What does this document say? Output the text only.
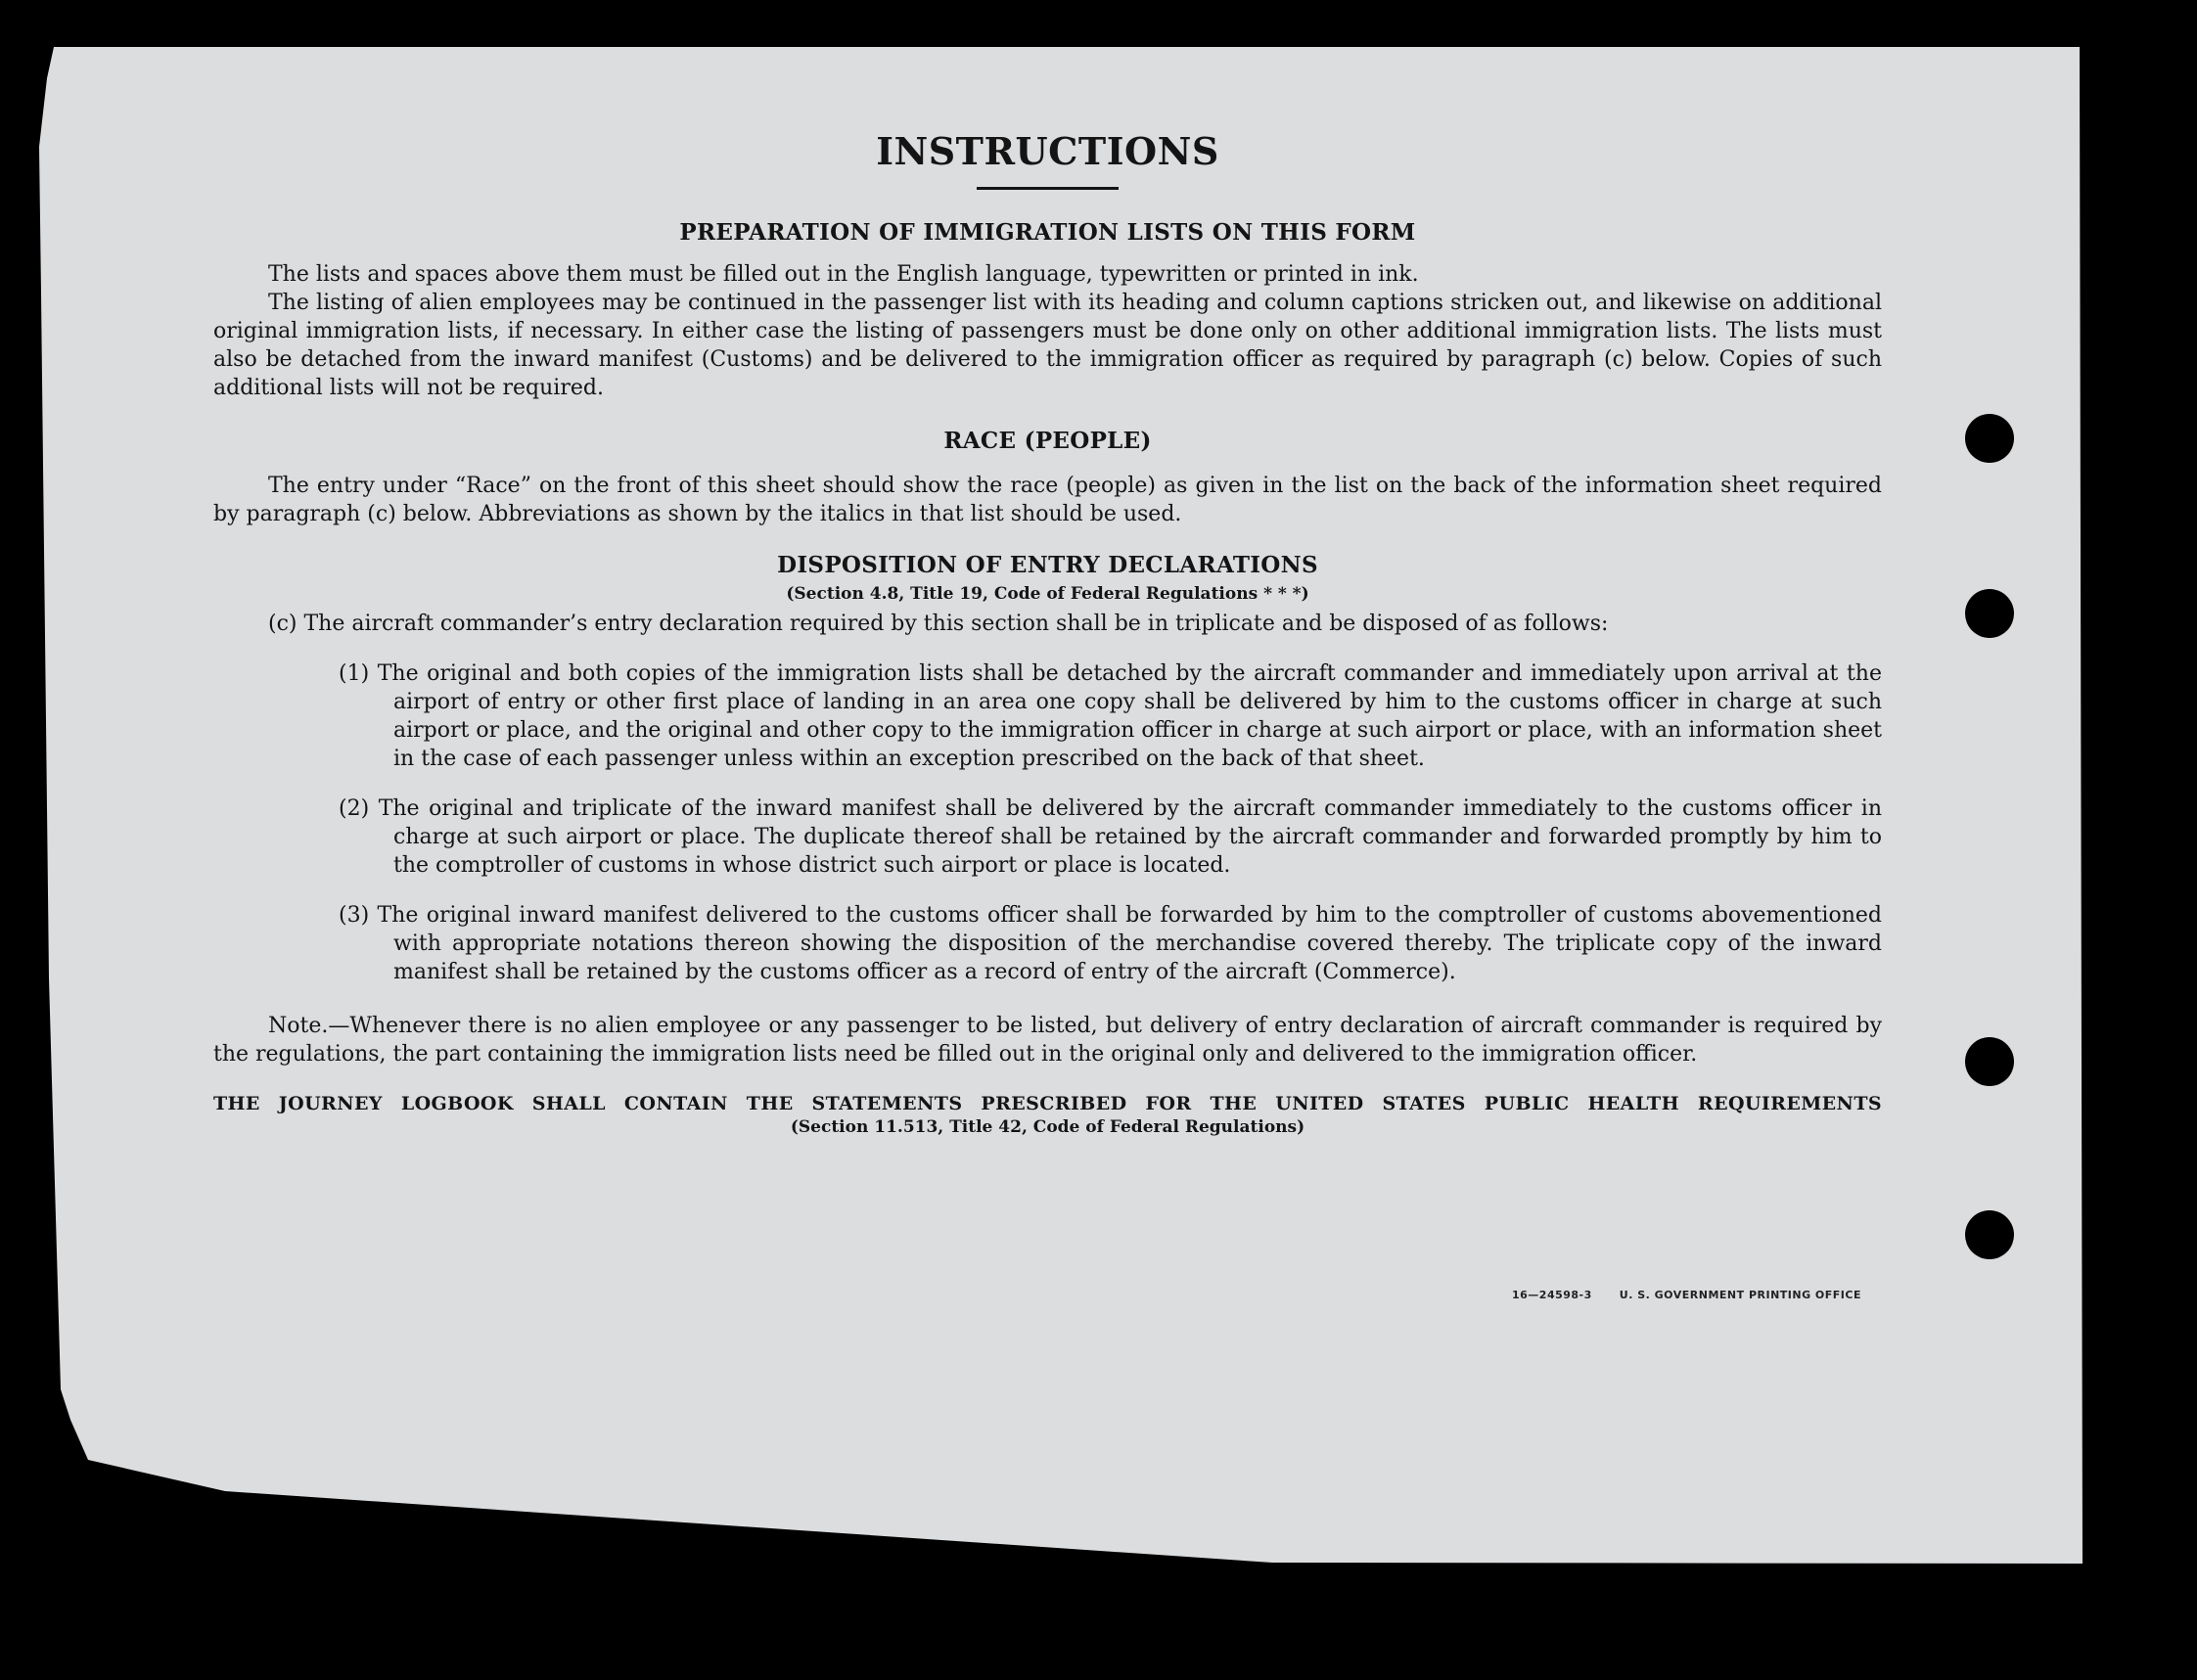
INSTRUCTIONS
PREPARATION OF IMMIGRATION LISTS ON THIS FORM

The lists and spaces above them must be filled out in the English language, typewritten or printed in ink.

The listing of alien employees may be continued in the passenger list with its heading and column captions stricken out, and likewise on additional original immigration lists, if necessary. In either case the listing of passengers must be done only on other additional immigration lists. The lists must also be detached from the inward manifest (Customs) and be delivered to the immigration officer as required by paragraph (c) below. Copies of such additional lists will not be required.

RACE (PEOPLE)

The entry under “Race” on the front of this sheet should show the race (people) as given in the list on the back of the information sheet required by paragraph (c) below. Abbreviations as shown by the italics in that list should be used.

DISPOSITION OF ENTRY DECLARATIONS
(Section 4.8, Title 19, Code of Federal Regulations * * *)

(c) The aircraft commander’s entry declaration required by this section shall be in triplicate and be disposed of as follows:

(1) The original and both copies of the immigration lists shall be detached by the aircraft commander and immediately upon arrival at the airport of entry or other first place of landing in an area one copy shall be delivered by him to the customs officer in charge at such airport or place, and the original and other copy to the immigration officer in charge at such airport or place, with an information sheet in the case of each passenger unless within an exception prescribed on the back of that sheet.
(2) The original and triplicate of the inward manifest shall be delivered by the aircraft commander immediately to the customs officer in charge at such airport or place. The duplicate thereof shall be retained by the aircraft commander and forwarded promptly by him to the comptroller of customs in whose district such airport or place is located.
(3) The original inward manifest delivered to the customs officer shall be forwarded by him to the comptroller of customs abovementioned with appropriate notations thereon showing the disposition of the merchandise covered thereby. The triplicate copy of the inward manifest shall be retained by the customs officer as a record of entry of the aircraft (Commerce).

Note.—Whenever there is no alien employee or any passenger to be listed, but delivery of entry declaration of aircraft commander is required by the regulations, the part containing the immigration lists need be filled out in the original only and delivered to the immigration officer.

THE JOURNEY LOGBOOK SHALL CONTAIN THE STATEMENTS PRESCRIBED FOR THE UNITED STATES PUBLIC HEALTH REQUIREMENTS
(Section 11.513, Title 42, Code of Federal Regulations)
16—24598-3	U. S. GOVERNMENT PRINTING OFFICE
